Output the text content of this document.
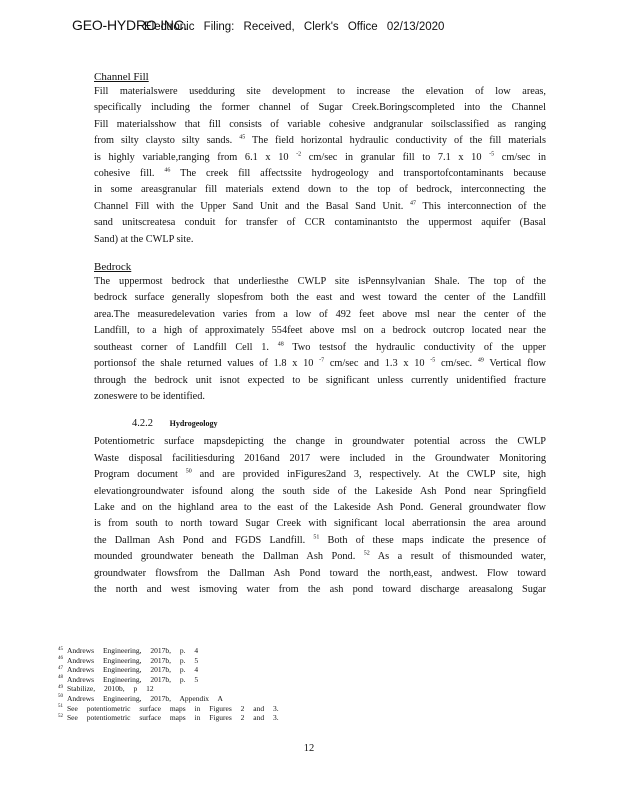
GEO-HYDRO INC.
Electronic Filing: Received, Clerk's Office 02/13/2020
Channel Fill

Fill materialswere usedduring site development to increase the elevation of low areas,

specifically including the former channel of Sugar Creek.Boringscompleted into the Channel

Fill materialsshow that fill consists of variable cohesive andgranular soilsclassified as ranging

from silty claysto silty sands. $^{45}$ The field horizontal hydraulic conductivity of the fill materials

is highly variable,ranging from 6.1 x 10 $^{-2}$ cm/sec in granular fill to 7.1 x 10 $^{-5}$ cm/sec in

cohesive fill. $^{46}$ The creek fill affectssite hydrogeology and transportofcontaminants because

in some areasgranular fill materials extend down to the top of bedrock, interconnecting the

Channel Fill with the Upper Sand Unit and the Basal Sand Unit. $^{47}$ This interconnection of the

sand unitscreatesa conduit for transfer of CCR contaminantsto the uppermost aquifer (Basal

Sand) at the CWLP site.

Bedrock

The uppermost bedrock that underliesthe CWLP site isPennsylvanian Shale. The top of the

bedrock surface generally slopesfrom both the east and west toward the center of the Landfill

area.The measuredelevation varies from a low of 492 feet above msl near the center of the

Landfill, to a high of approximately 554feet above msl on a bedrock outcrop located near the

southeast corner of Landfill Cell 1. $^{48}$ Two testsof the hydraulic conductivity of the upper

portionsof the shale returned values of 1.8 x 10 $^{-7}$ cm/sec and 1.3 x 10 $^{-5}$ cm/sec. $^{49}$ Vertical flow

through the bedrock unit isnot expected to be significant unless currently unidentified fracture

zoneswere to be identified.

4.2.2 Hydrogeology

Potentiometric surface mapsdepicting the change in groundwater potential across the CWLP

Waste disposal facilitiesduring 2016and 2017 were included in the Groundwater Monitoring

Program document $^{50}$ and are provided inFigures2and 3, respectively. At the CWLP site, high

elevationgroundwater isfound along the south side of the Lakeside Ash Pond near Springfield

Lake and on the highland area to the east of the Lakeside Ash Pond. General groundwater flow

is from south to north toward Sugar Creek with significant local aberrationsin the area around

the Dallman Ash Pond and FGDS Landfill. $^{51}$ Both of these maps indicate the presence of

mounded groundwater beneath the Dallman Ash Pond. $^{52}$ As a result of thismounded water,

groundwater flowsfrom the Dallman Ash Pond toward the north,east, andwest. Flow toward

the north and west ismoving water from the ash pond toward discharge areasalong Sugar

$^{45}$ Andrews Engineering, 2017b, p. 4
$^{46}$ Andrews Engineering, 2017b, p. 5
$^{47}$ Andrews Engineering, 2017b, p. 4
$^{48}$ Andrews Engineering, 2017b, p. 5
$^{49}$ Stabilize, 2010b, p 12
$^{50}$ Andrews Engineering, 2017b, Appendix A
$^{51}$ See potentiometric surface maps in Figures 2 and 3.
$^{52}$ See potentiometric surface maps in Figures 2 and 3.
12
